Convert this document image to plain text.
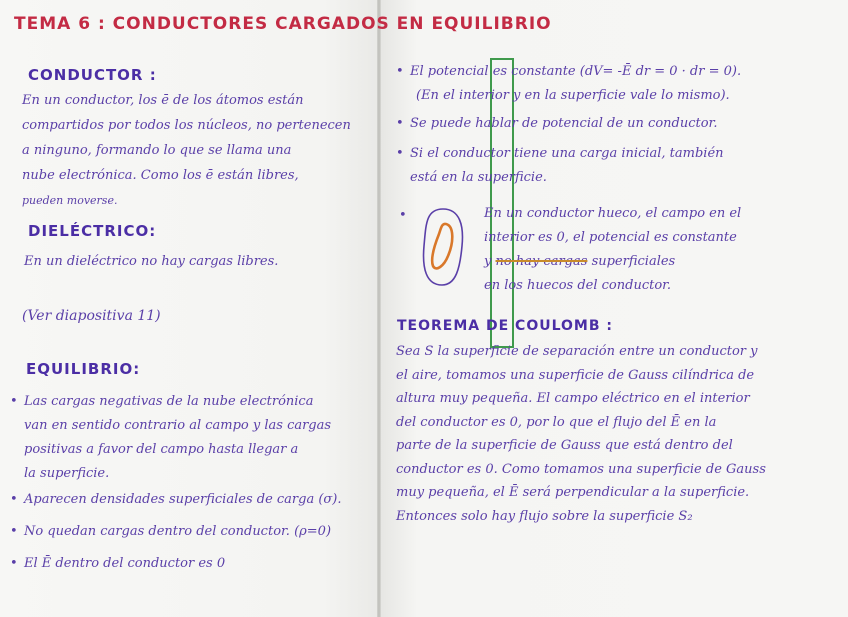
TEMA 6 : CONDUCTORES CARGADOS EN EQUILIBRIO
CONDUCTOR :
En un conductor, los ē de los átomos están
compartidos por todos los núcleos, no pertenecen
a ninguno, formando lo que se llama una
nube electrónica. Como los ē están libres,
pueden moverse.
DIELÉCTRICO:
En un dieléctrico no hay cargas libres.
(Ver diapositiva 11)
EQUILIBRIO:
• Las cargas negativas de la nube electrónica
van en sentido contrario al campo y las cargas
positivas a favor del campo hasta llegar a
la superficie.
• Aparecen densidades superficiales de carga (σ).
• No quedan cargas dentro del conductor. (ρ=0)
• El Ē dentro del conductor es 0
• El potencial es constante (dV= -Ē dr = 0 · dr = 0).
(En el interior y en la superficie vale lo mismo).
• Se puede hablar de potencial de un conductor.
• Si el conductor tiene una carga inicial, también
está en la superficie.
•	En un conductor hueco, el campo en el
interior es 0, el potencial es constante
y no hay cargas superficiales
en los huecos del conductor.
TEOREMA DE COULOMB :
Sea S la superficie de separación entre un conductor y
el aire, tomamos una superficie de Gauss cilíndrica de
altura muy pequeña. El campo eléctrico en el interior
del conductor es 0, por lo que el flujo del Ē en la
parte de la superficie de Gauss que está dentro del
conductor es 0. Como tomamos una superficie de Gauss
muy pequeña, el Ē será perpendicular a la superficie.
Entonces solo hay flujo sobre la superficie S₂
